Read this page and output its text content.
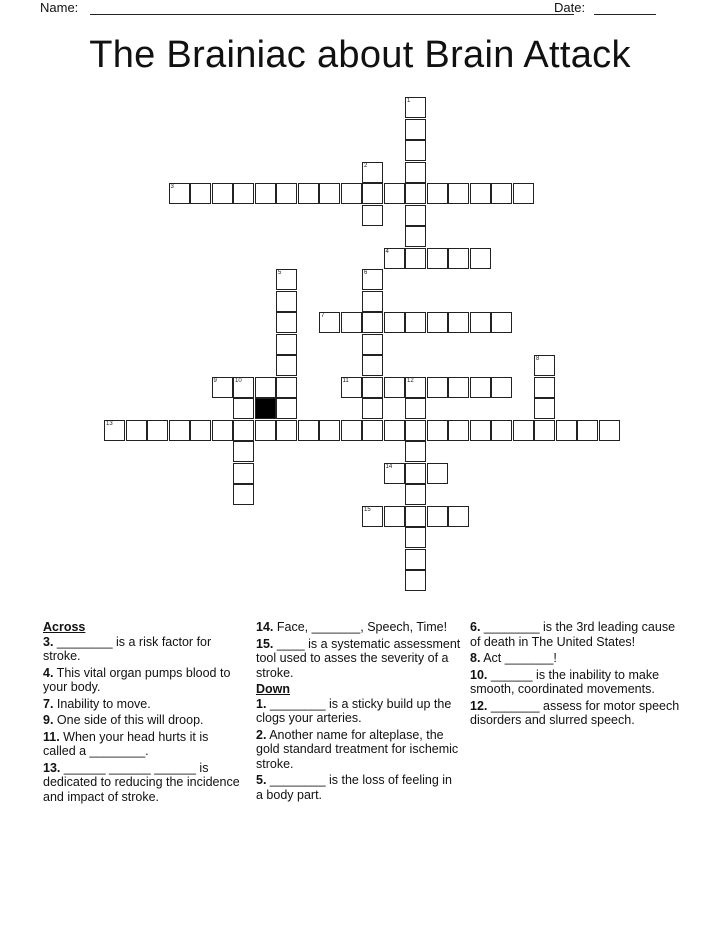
Name:	Date:
The Brainiac about Brain Attack
1
2
3
4
5	6
7
8
9	10	11	12
13
14
15

Across

3. ________ is a risk factor for stroke.

4. This vital organ pumps blood to your body.

7. Inability to move.

9. One side of this will droop.

11. When your head hurts it is called a ________.

13. ______ ______ ______ is dedicated to reducing the incidence and impact of stroke.

14. Face, _______, Speech, Time!

15. ____ is a systematic assessment tool used to asses the severity of a stroke.

Down

1. ________ is a sticky build up the clogs your arteries.

2. Another name for alteplase, the gold standard treatment for ischemic stroke.

5. ________ is the loss of feeling in a body part.

6. ________ is the 3rd leading cause of death in The United States!

8. Act _______!

10. ______ is the inability to make smooth, coordinated movements.

12. _______ assess for motor speech disorders and slurred speech.
